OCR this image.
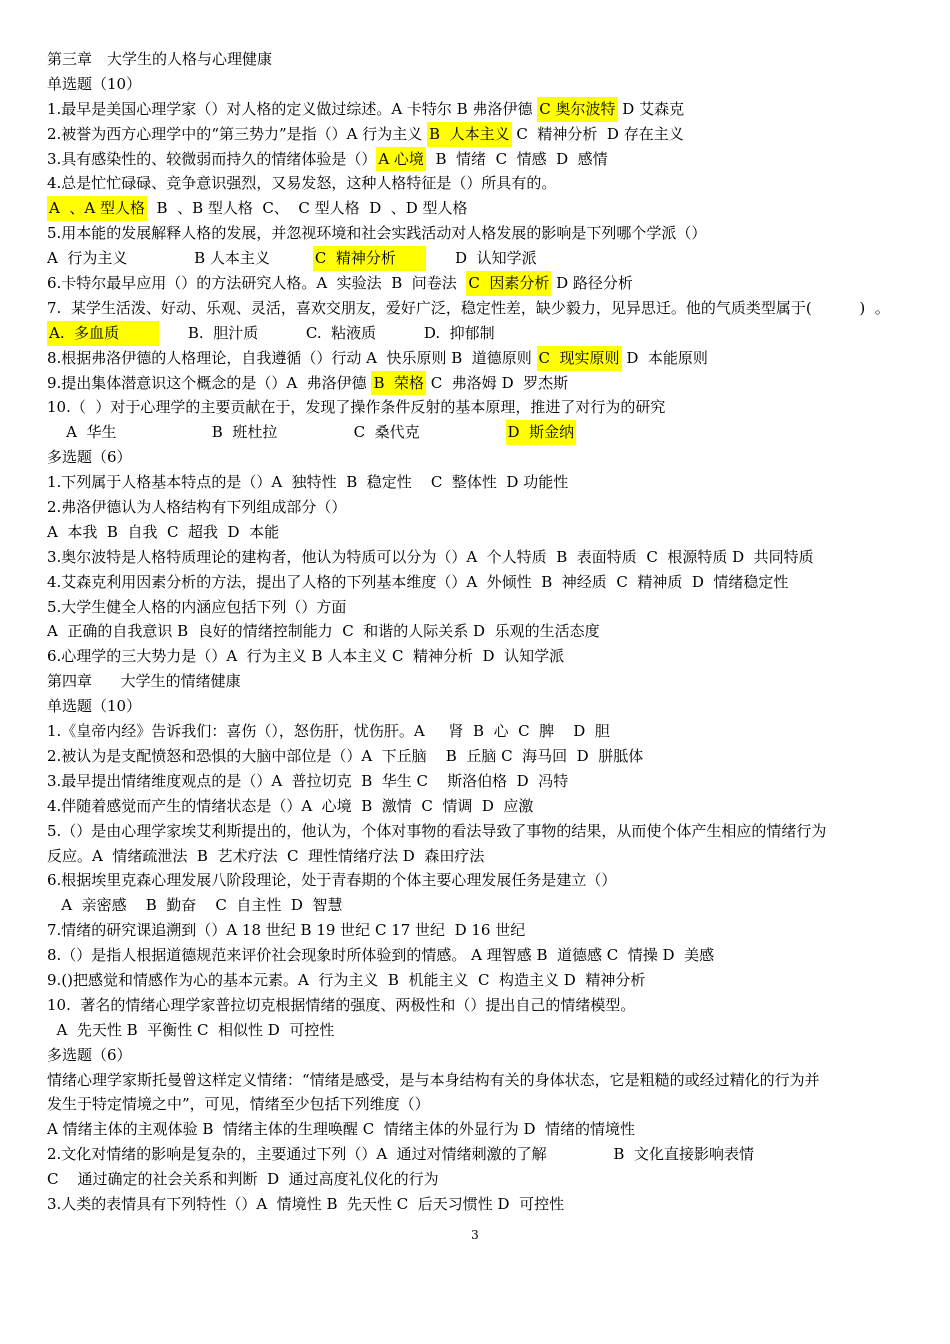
第三章　大学生的人格与心理健康
单选题（10）
1.最早是美国心理学家（）对人格的定义做过综述。A 卡特尔 B 弗洛伊德 C 奥尔波特 D 艾森克
2.被誉为西方心理学中的“第三势力”是指（）A 行为主义 B  人本主义 C  精神分析  D 存在主义
3.具有感染性的、较微弱而持久的情绪体验是（） A 心境  B  情绪  C  情感  D  感情
4.总是忙忙碌碌、竞争意识强烈，又易发怒，这种人格特征是（）所具有的。
A  、A 型人格  B  、B 型人格  C、  C 型人格  D  、D 型人格
5.用本能的发展解释人格的发展，并忽视环境和社会实践活动对人格发展的影响是下列哪个学派（）
A  行为主义              B 人本主义         C  精神分析            D  认知学派
6.卡特尔最早应用（）的方法研究人格。A  实验法  B  问卷法  C  因素分析 D 路径分析
7.  某学生活泼、好动、乐观、灵活，喜欢交朋友，爱好广泛，稳定性差，缺少毅力，见异思迁。他的气质类型属于(          )  。
A.  多血质              B.  胆汁质          C.  粘液质          D.  抑郁制
8.根据弗洛伊德的人格理论，自我遵循（）行动 A  快乐原则 B  道德原则 C  现实原则 D  本能原则
9.提出集体潜意识这个概念的是（）A  弗洛伊德 B  荣格 C  弗洛姆 D  罗杰斯
10.（  ）对于心理学的主要贡献在于，发现了操作条件反射的基本原理，推进了对行为的研究
A  华生                    B  班杜拉                C  桑代克                  D  斯金纳
多选题（6）
1.下列属于人格基本特点的是（）A  独特性  B  稳定性    C  整体性  D 功能性
2.弗洛伊德认为人格结构有下列组成部分（）
A  本我  B  自我  C  超我  D  本能
3.奥尔波特是人格特质理论的建构者，他认为特质可以分为（）A  个人特质  B  表面特质  C  根源特质 D  共同特质
4.艾森克利用因素分析的方法，提出了人格的下列基本维度（）A  外倾性  B  神经质  C  精神质  D  情绪稳定性
5.大学生健全人格的内涵应包括下列（）方面
A  正确的自我意识 B  良好的情绪控制能力  C  和谐的人际关系 D  乐观的生活态度
6.心理学的三大势力是（）A  行为主义 B 人本主义 C  精神分析  D  认知学派
第四章      大学生的情绪健康
单选题（10）
1.《皇帝内经》告诉我们：喜伤（），怒伤肝，忧伤肝。A     肾  B  心  C  脾    D  胆
2.被认为是支配愤怒和恐惧的大脑中部位是（）A  下丘脑    B  丘脑 C  海马回  D  胼胝体
3.最早提出情绪维度观点的是（）A  普拉切克  B  华生 C    斯洛伯格  D  冯特
4.伴随着感觉而产生的情绪状态是（）A  心境  B  激情  C  情调  D  应激
5.（）是由心理学家埃艾利斯提出的，他认为，个体对事物的看法导致了事物的结果，从而使个体产生相应的情绪行为
反应。A  情绪疏泄法  B  艺术疗法  C  理性情绪疗法 D  森田疗法
6.根据埃里克森心理发展八阶段理论，处于青春期的个体主要心理发展任务是建立（）
A  亲密感    B  勤奋    C  自主性  D  智慧
7.情绪的研究课追溯到（）A 18 世纪 B 19 世纪 C 17 世纪  D 16 世纪
8.（）是指人根据道德规范来评价社会现象时所体验到的情感。 A 理智感 B  道德感 C  情操 D  美感
9.()把感觉和情感作为心的基本元素。A  行为主义  B  机能主义  C  构造主义 D  精神分析
10.  著名的情绪心理学家普拉切克根据情绪的强度、两极性和（）提出自己的情绪模型。
A  先天性 B  平衡性 C  相似性 D  可控性
多选题（6）
情绪心理学家斯托曼曾这样定义情绪：“情绪是感受，是与本身结构有关的身体状态，它是粗糙的或经过精化的行为并
发生于特定情境之中”，可见，情绪至少包括下列维度（）
A 情绪主体的主观体验 B  情绪主体的生理唤醒 C  情绪主体的外显行为 D  情绪的情境性
2.文化对情绪的影响是复杂的，主要通过下列（）A  通过对情绪刺激的了解              B  文化直接影响表情
C    通过确定的社会关系和判断  D  通过高度礼仪化的行为
3.人类的表情具有下列特性（）A  情境性 B  先天性 C  后天习惯性 D  可控性
3
